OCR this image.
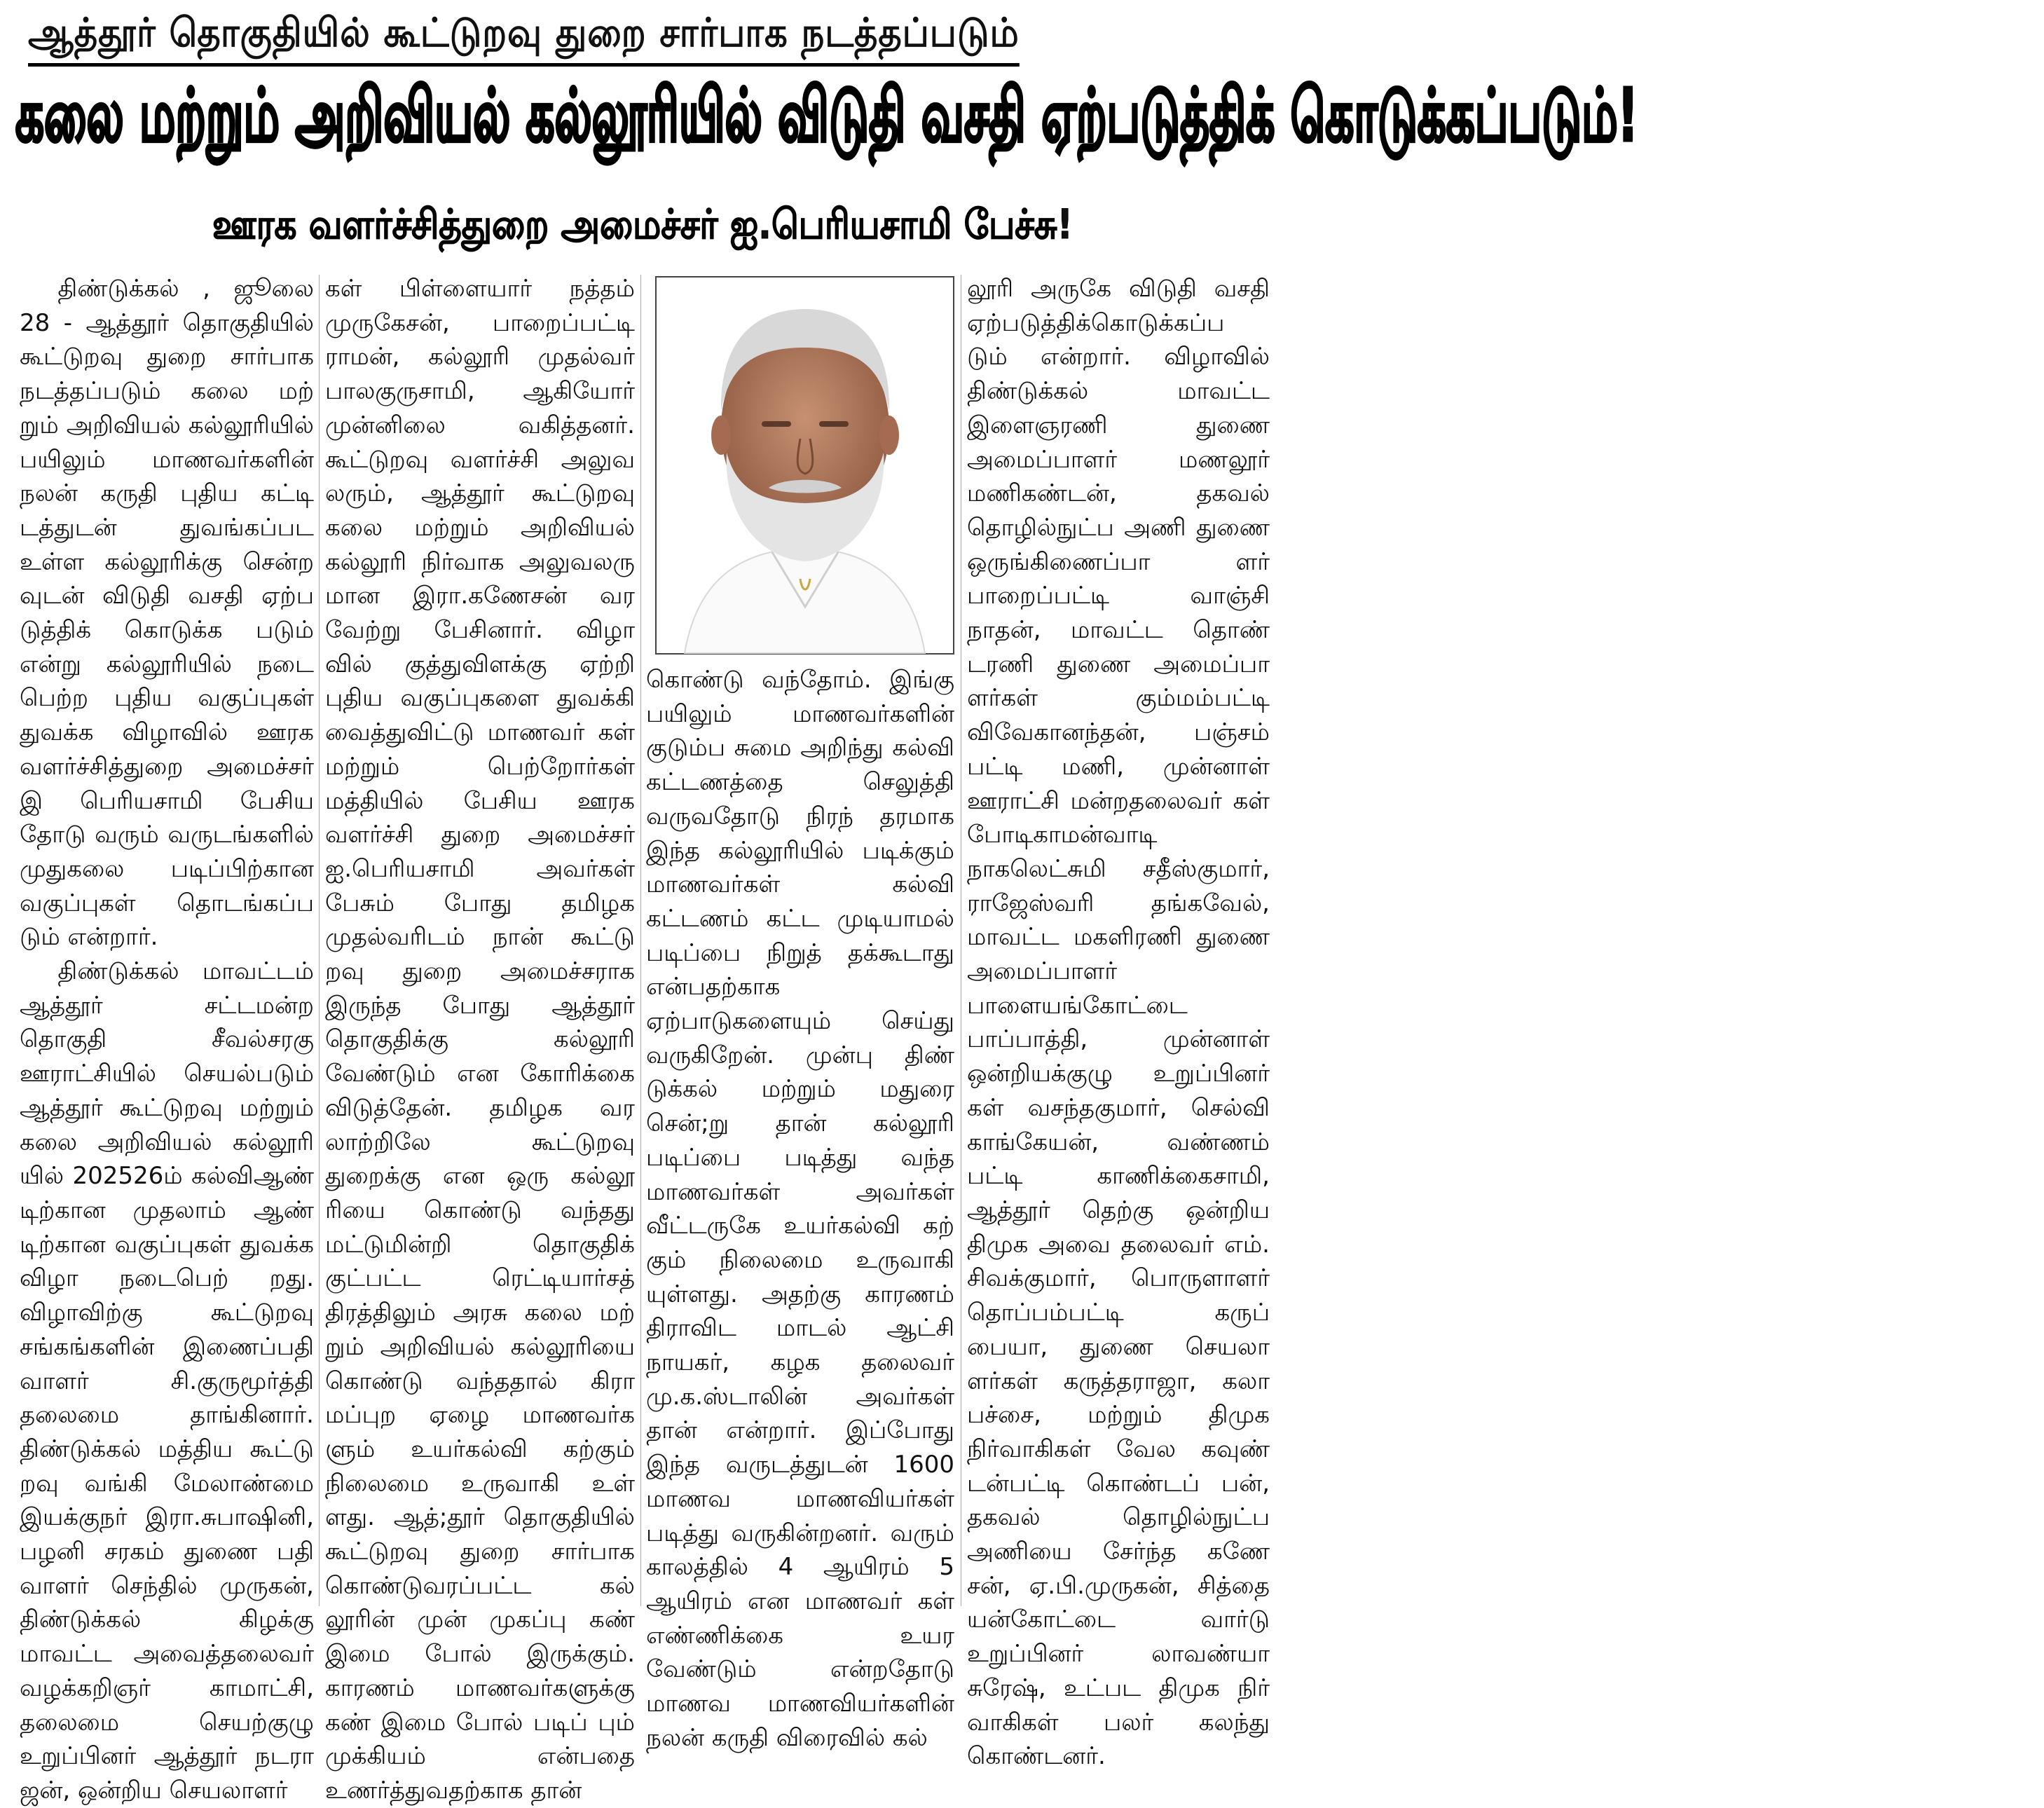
ஆத்தூர் தொகுதியில் கூட்டுறவு துறை சார்பாக நடத்தப்படும்
கலை மற்றும் அறிவியல் கல்லூரியில் விடுதி வசதி ஏற்படுத்திக் கொடுக்கப்படும்!
ஊரக வளர்ச்சித்துறை அமைச்சர் ஐ.பெரியசாமி பேச்சு!

திண்டுக்கல் , ஜூலை 28 - ஆத்தூர் தொகுதியில் கூட்டுறவு துறை சார்பாக நடத்தப்படும் கலை மற் றும் அறிவியல் கல்லூரியில் பயிலும் மாணவர்களின் நலன் கருதி புதிய கட்டி டத்துடன் துவங்கப்பட உள்ள கல்லூரிக்கு சென்ற வுடன் விடுதி வசதி ஏற்ப டுத்திக் கொடுக்க படும் என்று கல்லூரியில் நடை பெற்ற புதிய வகுப்புகள் துவக்க விழாவில் ஊரக வளர்ச்சித்துறை அமைச்சர் இ பெரியசாமி பேசிய தோடு வரும் வருடங்களில் முதுகலை படிப்பிற்கான வகுப்புகள் தொடங்கப்ப டும் என்றார்.

திண்டுக்கல் மாவட்டம் ஆத்தூர் சட்டமன்ற தொகுதி சீவல்சரகு ஊராட்சியில் செயல்படும் ஆத்தூர் கூட்டுறவு மற்றும் கலை அறிவியல் கல்லூரி யில் 202526ம் கல்விஆண் டிற்கான முதலாம் ஆண் டிற்கான வகுப்புகள் துவக்க விழா நடைபெற் றது. விழாவிற்கு கூட்டுறவு சங்கங்களின் இணைப்பதி வாளர் சி.குருமூர்த்தி தலைமை தாங்கினார். திண்டுக்கல் மத்திய கூட்டு றவு வங்கி மேலாண்மை இயக்குநர் இரா.சுபாஷினி, பழனி சரகம் துணை பதி வாளர் செந்தில் முருகன், திண்டுக்கல் கிழக்கு மாவட்ட அவைத்தலைவர் வழக்கறிஞர் காமாட்சி, தலைமை செயற்குழு உறுப்பினர் ஆத்தூர் நடரா ஜன், ஒன்றிய செயலாளர்

கள் பிள்ளையார் நத்தம் முருகேசன், பாறைப்பட்டி ராமன், கல்லூரி முதல்வர் பாலகுருசாமி, ஆகியோர் முன்னிலை வகித்தனர். கூட்டுறவு வளர்ச்சி அலுவ லரும், ஆத்தூர் கூட்டுறவு கலை மற்றும் அறிவியல் கல்லூரி நிர்வாக அலுவலரு மான இரா.கணேசன் வர வேற்று பேசினார். விழா வில் குத்துவிளக்கு ஏற்றி புதிய வகுப்புகளை துவக்கி வைத்துவிட்டு மாணவர் கள் மற்றும் பெற்றோர்கள் மத்தியில் பேசிய ஊரக வளர்ச்சி துறை அமைச்சர் ஐ.பெரியசாமி அவர்கள் பேசும் போது தமிழக முதல்வரிடம் நான் கூட்டு றவு துறை அமைச்சராக இருந்த போது ஆத்தூர் தொகுதிக்கு கல்லூரி வேண்டும் என கோரிக்கை விடுத்தேன். தமிழக வர லாற்றிலே கூட்டுறவு துறைக்கு என ஒரு கல்லூ ரியை கொண்டு வந்தது மட்டுமின்றி தொகுதிக் குட்பட்ட ரெட்டியார்சத் திரத்திலும் அரசு கலை மற் றும் அறிவியல் கல்லூரியை கொண்டு வந்ததால் கிரா மப்புற ஏழை மாணவர்க ளும் உயர்கல்வி கற்கும் நிலைமை உருவாகி உள் ளது. ஆத்;தூர் தொகுதியில் கூட்டுறவு துறை சார்பாக கொண்டுவரப்பட்ட கல் லூரின் முன் முகப்பு கண் இமை போல் இருக்கும். காரணம் மாணவர்களுக்கு கண் இமை போல் படிப் பும் முக்கியம் என்பதை உணர்த்துவதற்காக தான்

கொண்டு வந்தோம். இங்கு பயிலும் மாணவர்களின் குடும்ப சுமை அறிந்து கல்வி கட்டணத்தை செலுத்தி வருவதோடு நிரந் தரமாக இந்த கல்லூரியில் படிக்கும் மாணவர்கள் கல்வி கட்டணம் கட்ட முடியாமல் படிப்பை நிறுத் தக்கூடாது என்பதற்காக ஏற்பாடுகளையும் செய்து வருகிறேன். முன்பு திண் டுக்கல் மற்றும் மதுரை சென்;று தான் கல்லூரி படிப்பை படித்து வந்த மாணவர்கள் அவர்கள் வீட்டருகே உயர்கல்வி கற் கும் நிலைமை உருவாகி யுள்ளது. அதற்கு காரணம் திராவிட மாடல் ஆட்சி நாயகர், கழக தலைவர் மு.க.ஸ்டாலின் அவர்கள் தான் என்றார். இப்போது இந்த வருடத்துடன் 1600 மாணவ மாணவியர்கள் படித்து வருகின்றனர். வரும் காலத்தில் 4 ஆயிரம் 5 ஆயிரம் என மாணவர் கள் எண்ணிக்கை உயர வேண்டும் என்றதோடு மாணவ மாணவியர்களின் நலன் கருதி விரைவில் கல்

லூரி அருகே விடுதி வசதி ஏற்படுத்திக்கொடுக்கப்ப டும் என்றார். விழாவில் திண்டுக்கல் மாவட்ட இளைஞரணி துணை அமைப்பாளர் மணலூர் மணிகண்டன், தகவல் தொழில்நுட்ப அணி துணை ஒருங்கிணைப்பா ளர் பாறைப்பட்டி வாஞ்சி நாதன், மாவட்ட தொண் டரணி துணை அமைப்பா ளர்கள் கும்மம்பட்டி விவேகானந்தன், பஞ்சம் பட்டி மணி, முன்னாள் ஊராட்சி மன்றதலைவர் கள் போடிகாமன்வாடி நாகலெட்சுமி சதீஸ்குமார், ராஜேஸ்வரி தங்கவேல், மாவட்ட மகளிரணி துணை அமைப்பாளர் பாளையங்கோட்டை பாப்பாத்தி, முன்னாள் ஒன்றியக்குழு உறுப்பினர் கள் வசந்தகுமார், செல்வி காங்கேயன், வண்ணம் பட்டி காணிக்கைசாமி, ஆத்தூர் தெற்கு ஒன்றிய திமுக அவை தலைவர் எம். சிவக்குமார், பொருளாளர் தொப்பம்பட்டி கருப் பையா, துணை செயலா ளர்கள் கருத்தராஜா, கலா பச்சை, மற்றும் திமுக நிர்வாகிகள் வேல கவுண் டன்பட்டி கொண்டப் பன், தகவல் தொழில்நுட்ப அணியை சேர்ந்த கணே சன், ஏ.பி.முருகன், சித்தை யன்கோட்டை வார்டு உறுப்பினர் லாவண்யா சுரேஷ், உட்பட திமுக நிர் வாகிகள் பலர் கலந்து கொண்டனர்.
